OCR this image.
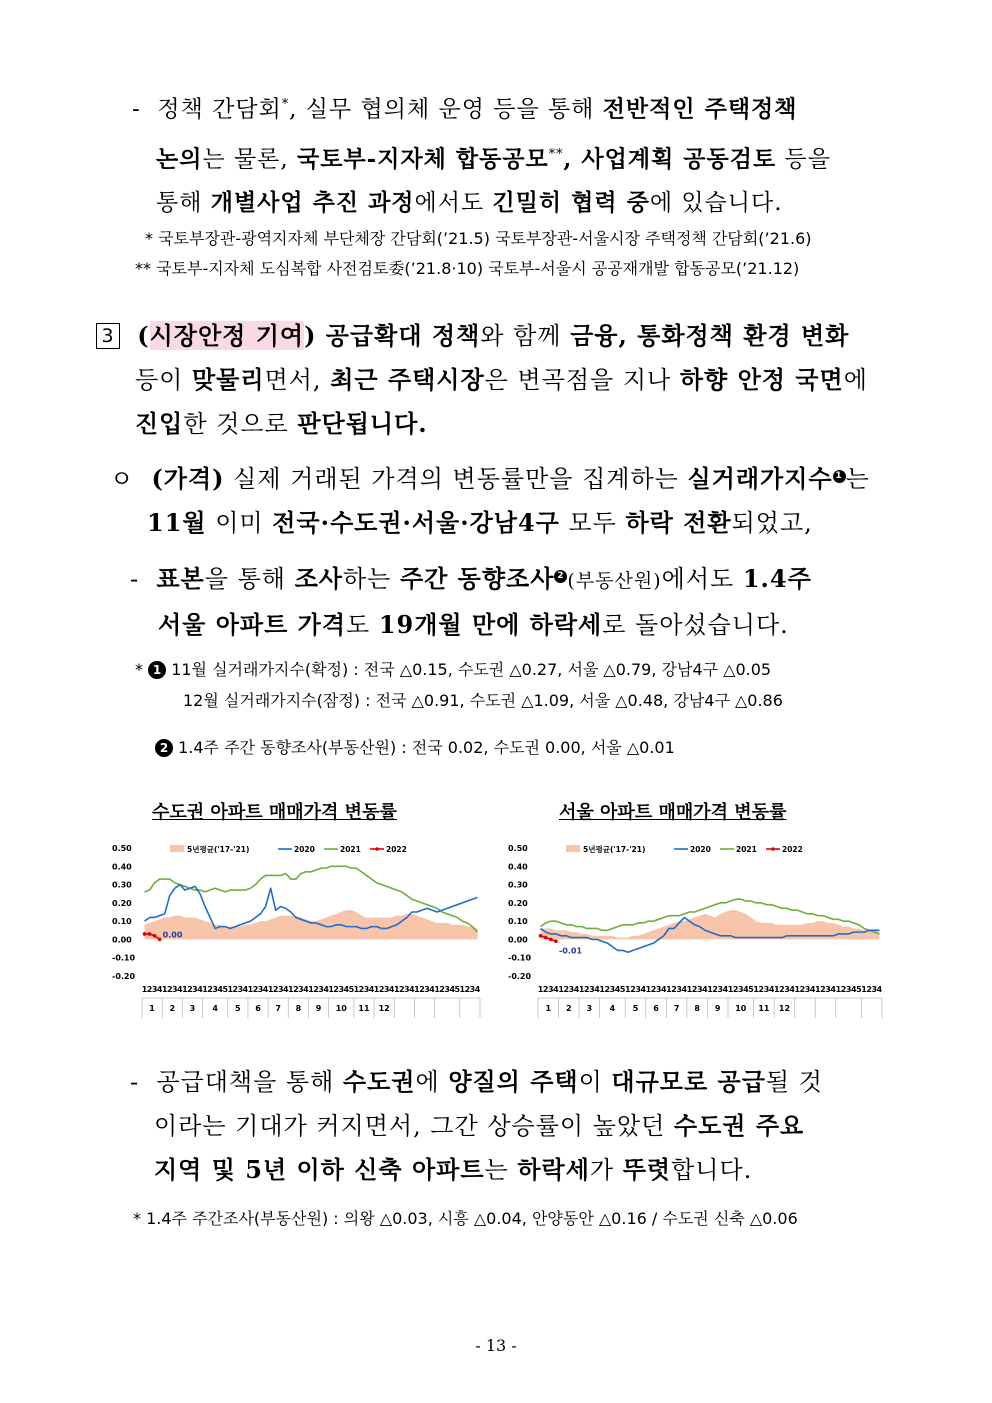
- 정책 간담회*, 실무 협의체 운영 등을 통해 전반적인 주택정책
논의는 물론, 국토부-지자체 합동공모**, 사업계획 공동검토 등을
통해 개별사업 추진 과정에서도 긴밀히 협력 중에 있습니다.
* 국토부장관-광역지자체 부단체장 간담회(’21.5) 국토부장관-서울시장 주택정책 간담회(’21.6)
** 국토부-지자체 도심복합 사전검토委(’21.8·10) 국토부-서울시 공공재개발 합동공모(’21.12)
3 (시장안정 기여) 공급확대 정책와 함께 금융, 통화정책 환경 변화
등이 맞물리면서, 최근 주택시장은 변곡점을 지나 하향 안정 국면에
진입한 것으로 판단됩니다.
ㅇ (가격) 실제 거래된 가격의 변동률만을 집계하는 실거래가지수 1 는
11월 이미 전국·수도권·서울·강남4구 모두 하락 전환되었고,
- 표본을 통해 조사하는 주간 동향조사 2 (부동산원)에서도 1.4주
서울 아파트 가격도 19개월 만에 하락세로 돌아섰습니다.
* 1 11월 실거래가지수(확정) : 전국 △0.15, 수도권 △0.27, 서울 △0.79, 강남4구 △0.05
12월 실거래가지수(잠정) : 전국 △0.91, 수도권 △1.09, 서울 △0.48, 강남4구 △0.86
2 1.4주 주간 동향조사(부동산원) : 전국 0.02, 수도권 0.00, 서울 △0.01
수도권 아파트 매매가격 변동률	서울 아파트 매매가격 변동률
0.50
0.40
0.30
0.20
0.10
0.00
-0.10
-0.20
0.00
5년평균('17-'21)	2020	2021	2022
1 2 3 4 1 2 3 4 1 2 3 4 1 2 3 4 5 1 2 3 4 1 2 3 4 1 2 3 4 1 2 3 4 1 2 3 4 1 2 3 4 5 1 2 3 4 1 2 3 4 1 2 3 4 1 2 3 4 1 2 3 4 5 1 2 3 4
1 2 3 4 5 6 7 8 9 10 11 12
0.50
0.40
0.30
0.20
0.10
0.00
-0.10
-0.20
-0.01
5년평균('17-'21)	2020	2021	2022
1 2 3 4 1 2 3 4 1 2 3 4 1 2 3 4 5 1 2 3 4 1 2 3 4 1 2 3 4 1 2 3 4 1 2 3 4 1 2 3 4 5 1 2 3 4 1 2 3 4 1 2 3 4 1 2 3 4 1 2 3 4 5 1 2 3 4
1 2 3 4 5 6 7 8 9 10 11 12
- 공급대책을 통해 수도권에 양질의 주택이 대규모로 공급될 것
이라는 기대가 커지면서, 그간 상승률이 높았던 수도권 주요
지역 및 5년 이하 신축 아파트는 하락세가 뚜렷합니다.
* 1.4주 주간조사(부동산원) : 의왕 △0.03, 시흥 △0.04, 안양동안 △0.16 / 수도권 신축 △0.06
- 13 -
